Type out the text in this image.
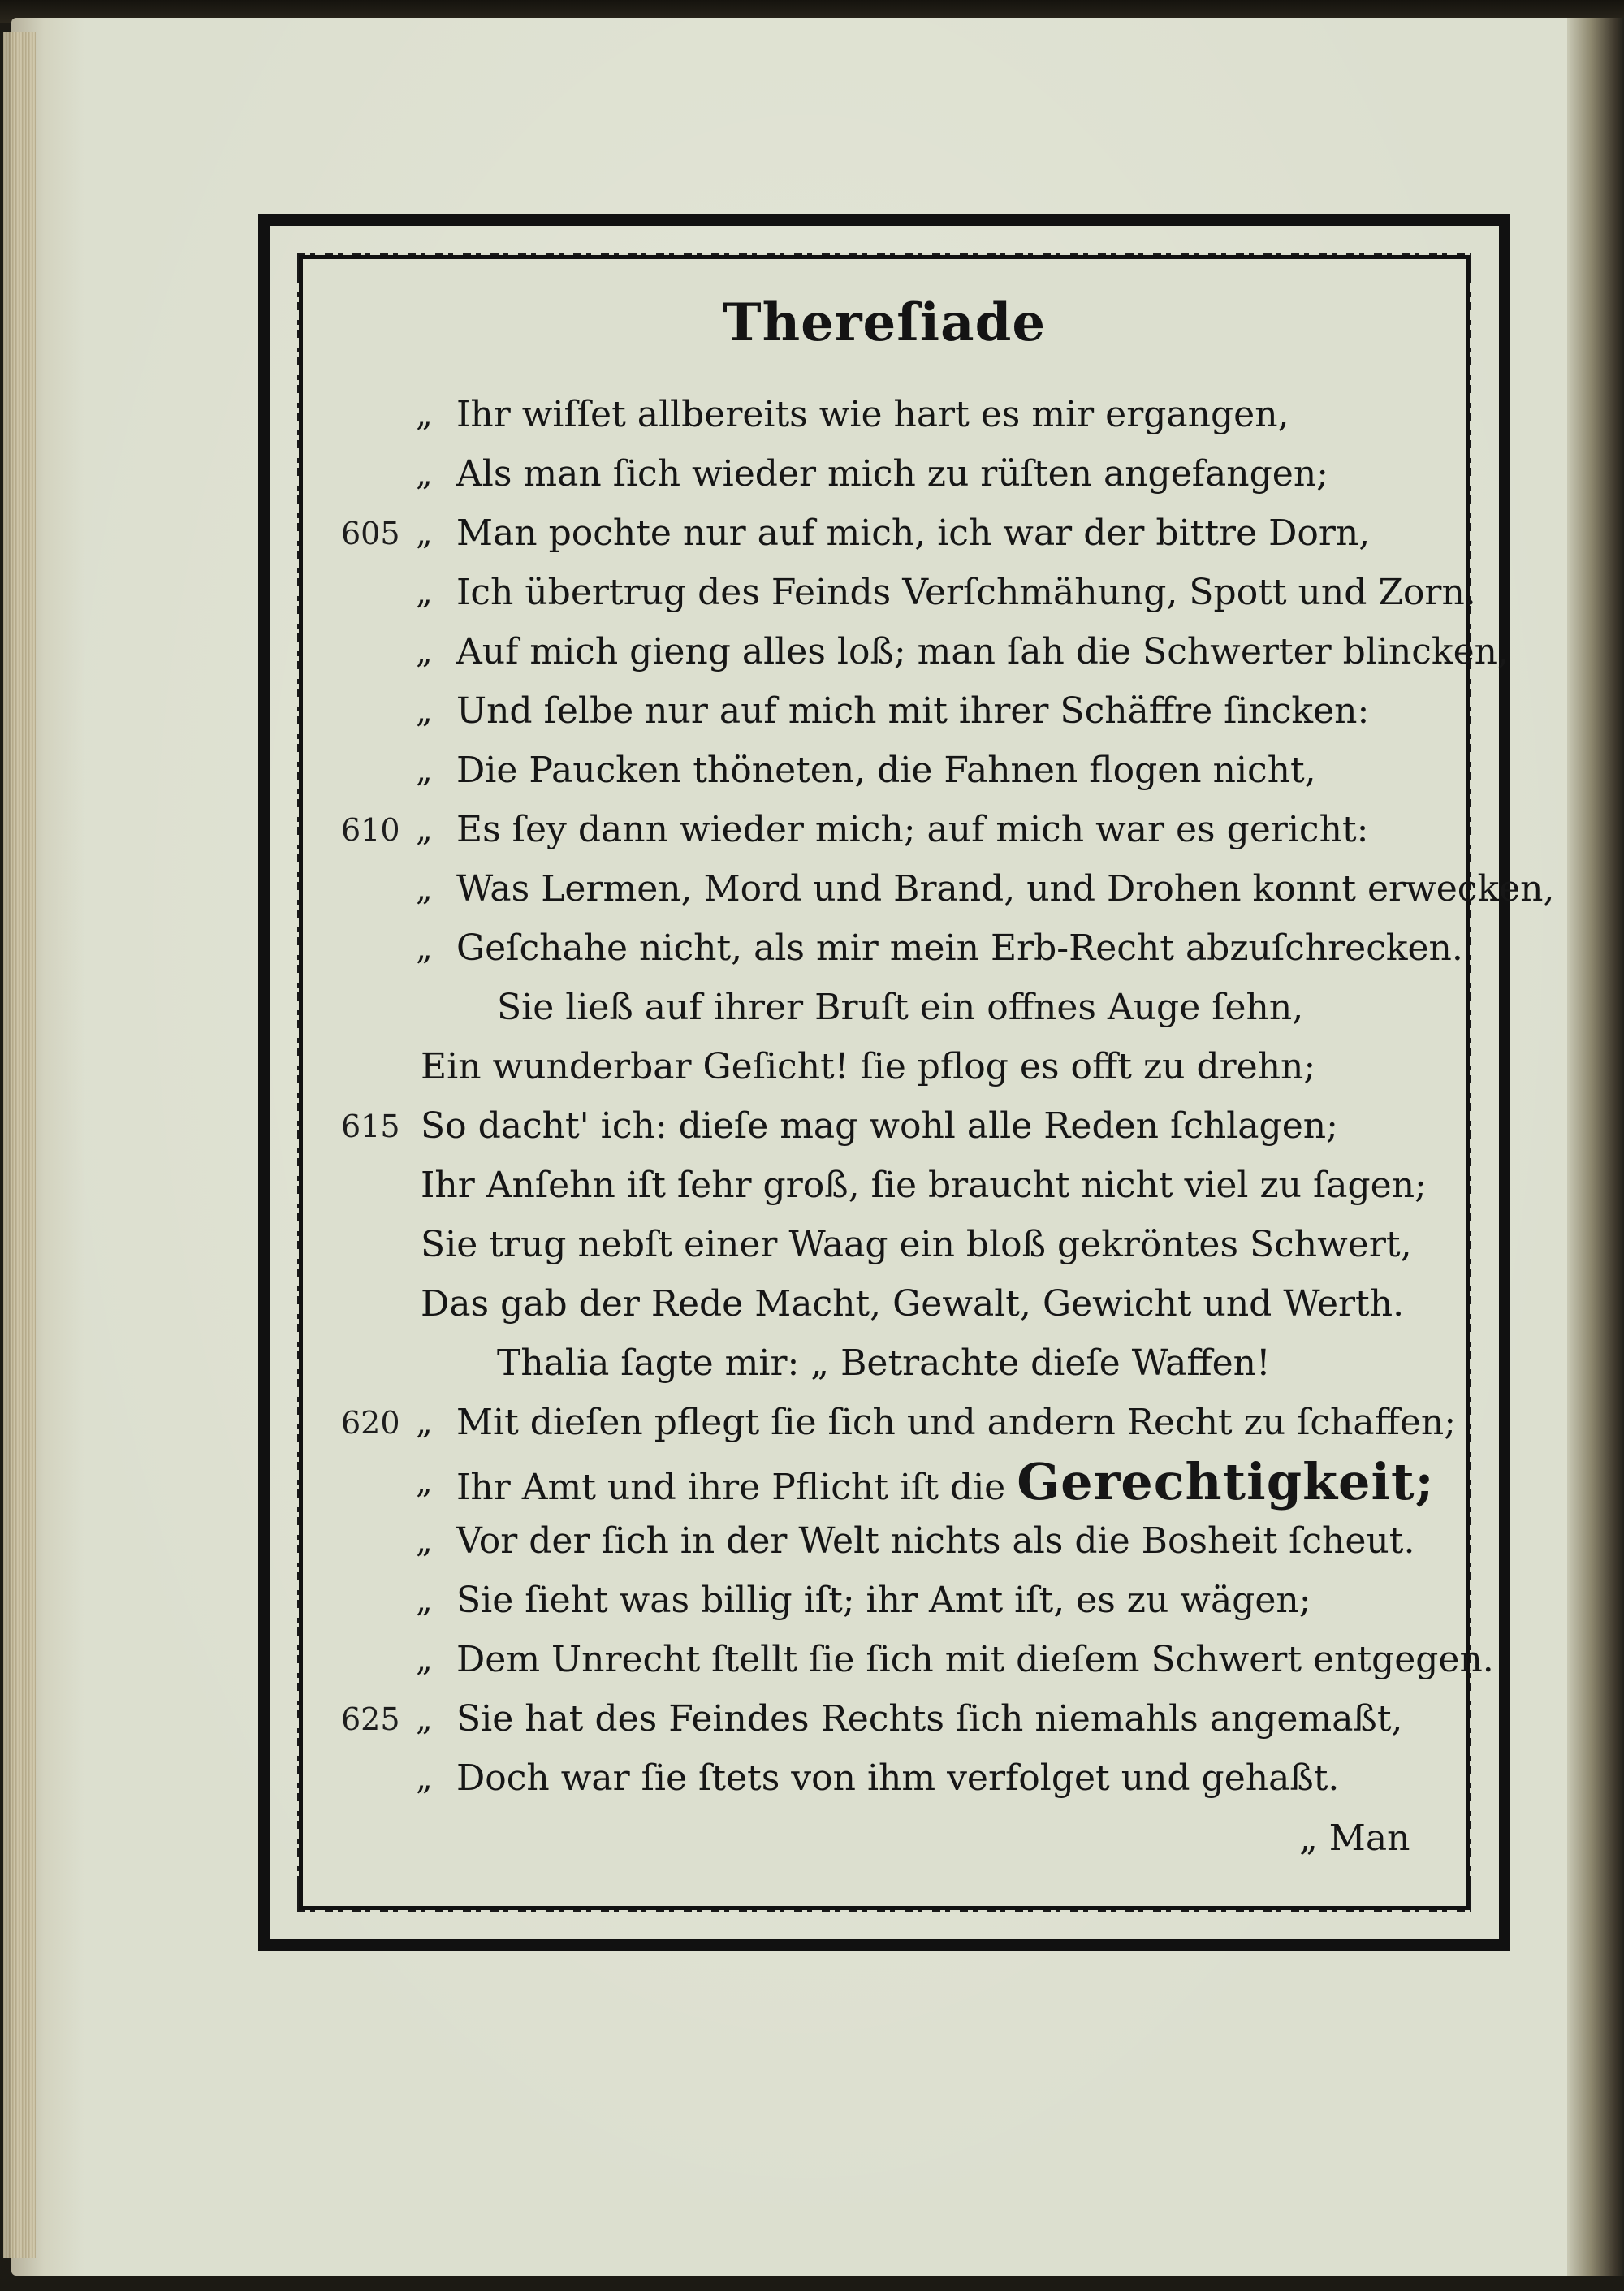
Thereſiade
„ Ihr wiſſet allbereits wie hart es mir ergangen,
„ Als man ſich wieder mich zu rüſten angefangen;
605 „ Man pochte nur auf mich, ich war der bittre Dorn,
„ Ich übertrug des Feinds Verſchmähung, Spott und Zorn.
„ Auf mich gieng alles loß; man ſah die Schwerter blincken,
„ Und ſelbe nur auf mich mit ihrer Schäffre ſincken:
„ Die Paucken thöneten, die Fahnen flogen nicht,
610 „ Es ſey dann wieder mich; auf mich war es gericht:
„ Was Lermen, Mord und Brand, und Drohen konnt erwecken,
„ Geſchahe nicht, als mir mein Erb-Recht abzuſchrecken.
Sie ließ auf ihrer Bruſt ein offnes Auge ſehn,
Ein wunderbar Geſicht! ſie pflog es offt zu drehn;
615 So dacht' ich: dieſe mag wohl alle Reden ſchlagen;
Ihr Anſehn iſt ſehr groß, ſie braucht nicht viel zu ſagen;
Sie trug nebſt einer Waag ein bloß gekröntes Schwert,
Das gab der Rede Macht, Gewalt, Gewicht und Werth.
Thalia ſagte mir: „ Betrachte dieſe Waffen!
620 „ Mit dieſen pflegt ſie ſich und andern Recht zu ſchaffen;
„ Ihr Amt und ihre Pflicht iſt die Gerechtigkeit;
„ Vor der ſich in der Welt nichts als die Bosheit ſcheut.
„ Sie ſieht was billig iſt; ihr Amt iſt, es zu wägen;
„ Dem Unrecht ſtellt ſie ſich mit dieſem Schwert entgegen.
625 „ Sie hat des Feindes Rechts ſich niemahls angemaßt,
„ Doch war ſie ſtets von ihm verfolget und gehaßt.
„ Man
